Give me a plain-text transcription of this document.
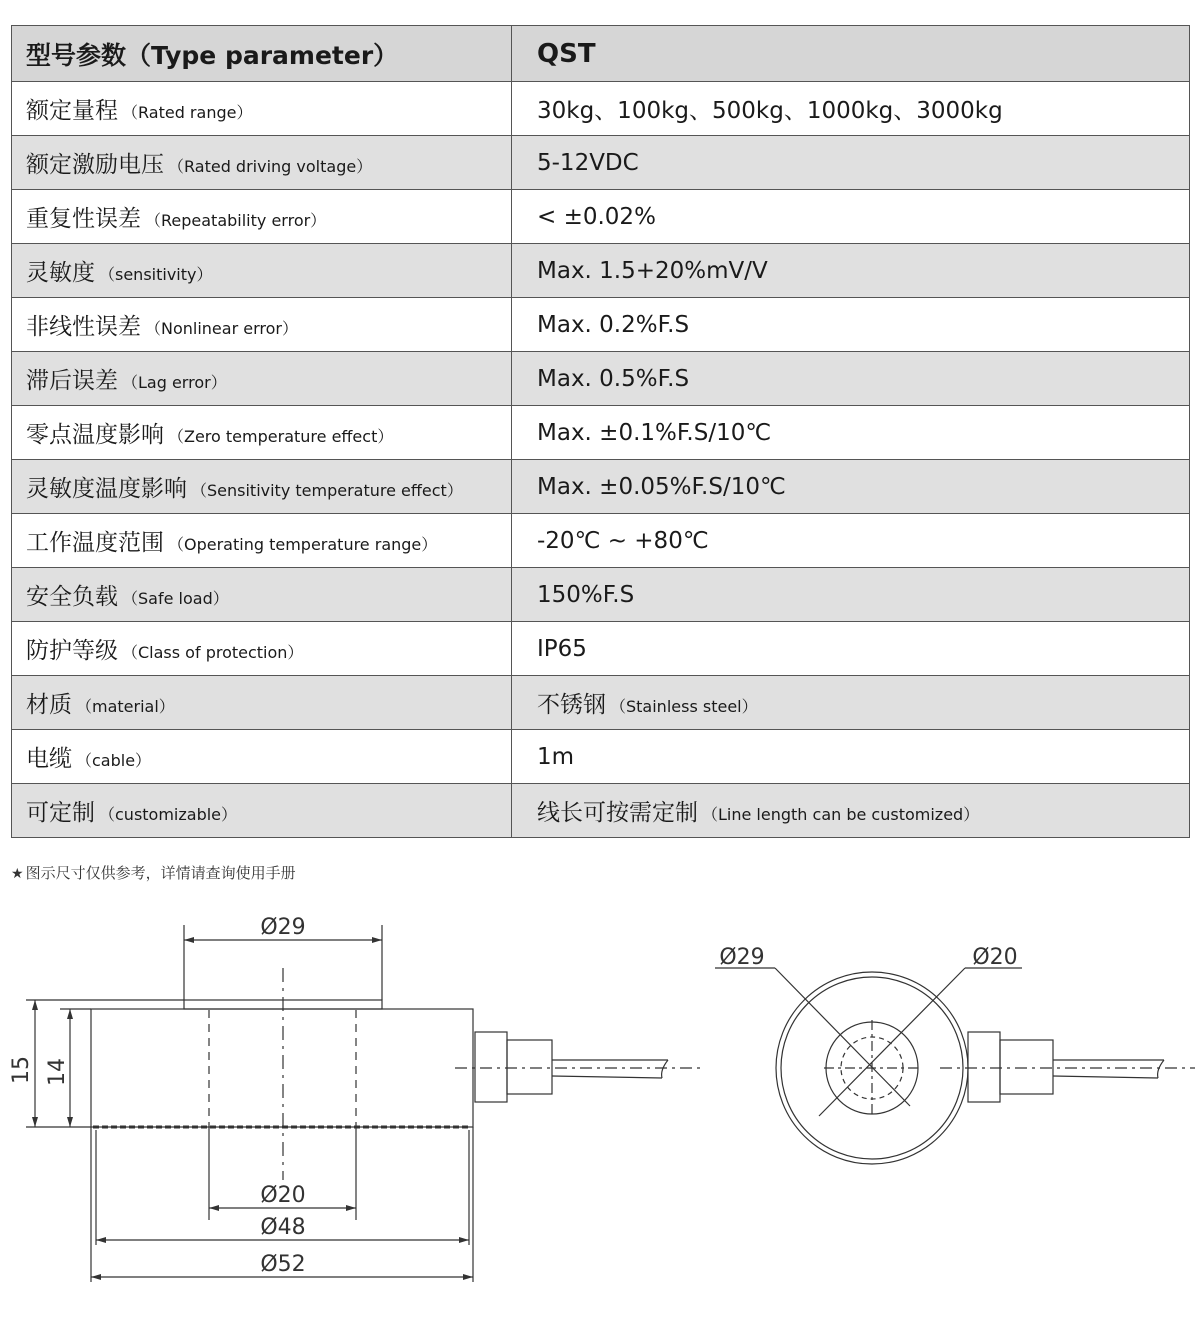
型号参数（Type parameter）	QST
额定量程 （Rated range）	30kg、100kg、500kg、1000kg、3000kg
额定激励电压 （Rated driving voltage）	5-12VDC
重复性误差 （Repeatability error）	< ±0.02%
灵敏度 （sensitivity）	Max. 1.5+20%mV/V
非线性误差 （Nonlinear error）	Max. 0.2%F.S
滞后误差 （Lag error）	Max. 0.5%F.S
零点温度影响 （Zero temperature effect）	Max. ±0.1%F.S/10℃
灵敏度温度影响 （Sensitivity temperature effect）	Max. ±0.05%F.S/10℃
工作温度范围 （Operating temperature range）	-20℃ ~ +80℃
安全负载 （Safe load）	150%F.S
防护等级 （Class of protection）	IP65
材质 （material）	不锈钢 （Stainless steel）
电缆 （cable）	1m
可定制 （customizable）	线长可按需定制 （Line length can be customized）
★ 图示尺寸仅供参考，详情请查询使用手册
Ø29
Ø20
Ø48
Ø52
15 14
Ø29	Ø20
